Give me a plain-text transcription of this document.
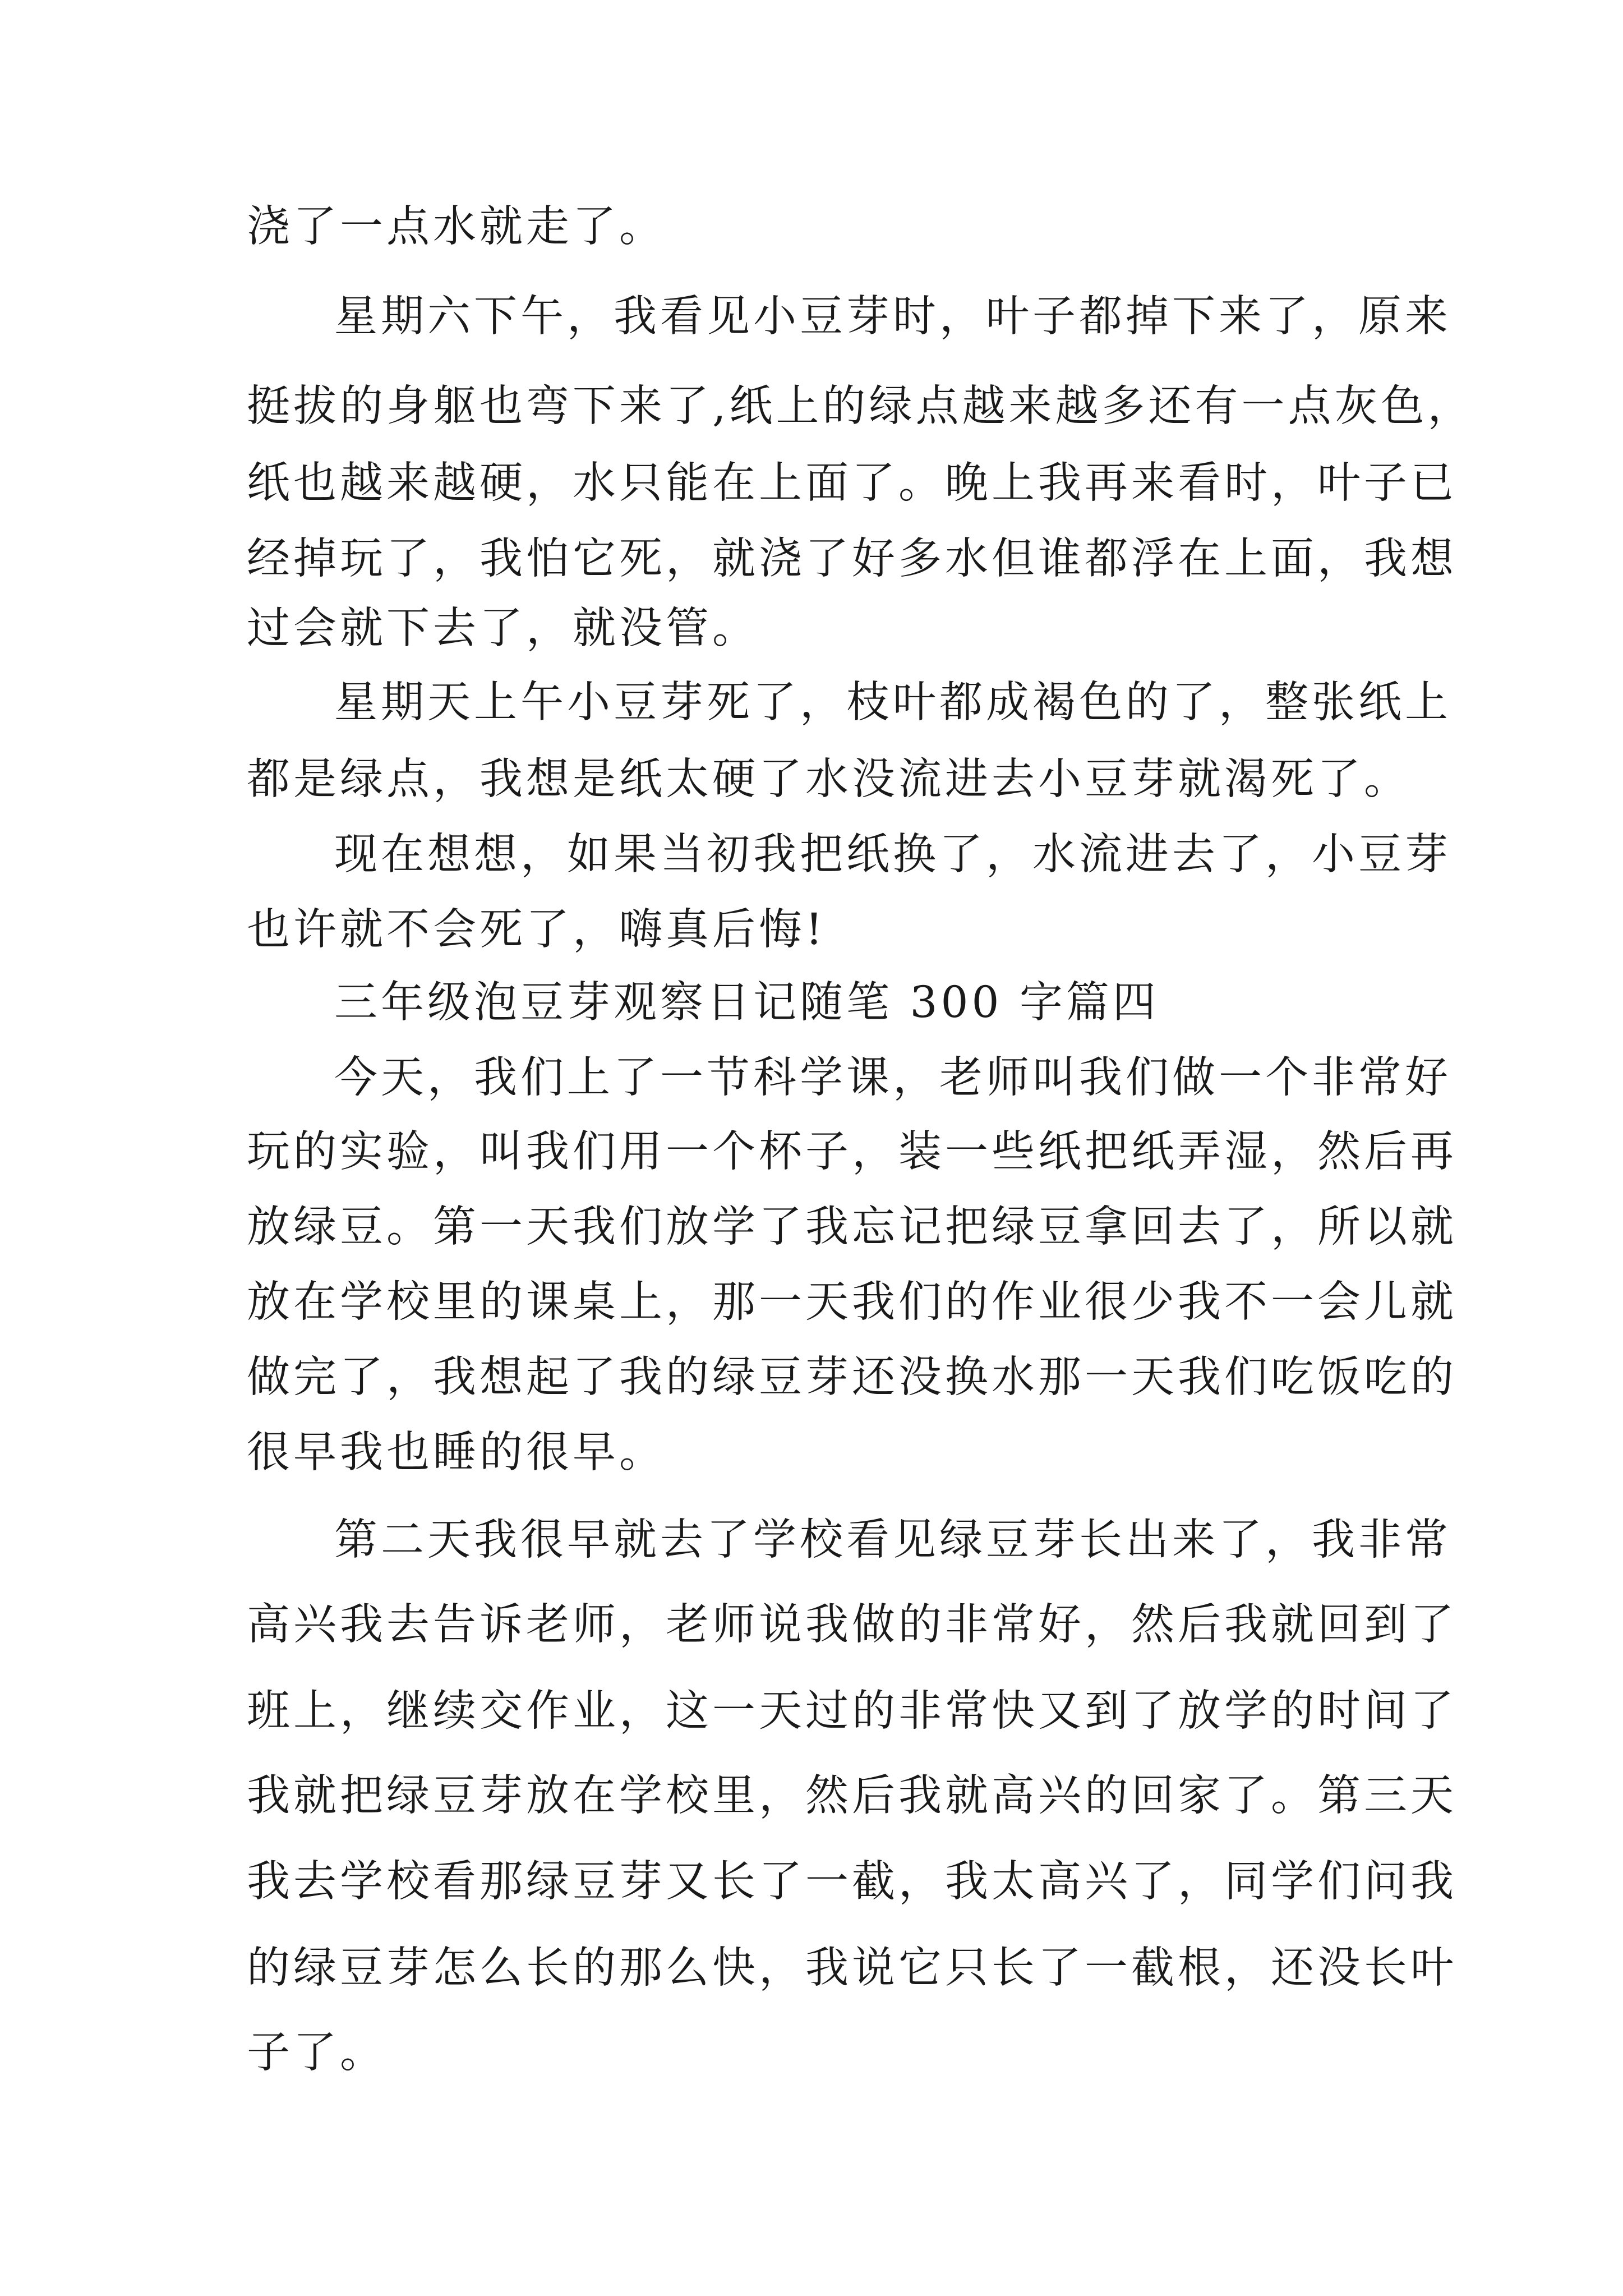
浇了一点水就走了。

星期六下午，我看见小豆芽时，叶子都掉下来了，原来

挺拔的身躯也弯下来了,纸上的绿点越来越多还有一点灰色，

纸也越来越硬，水只能在上面了。晚上我再来看时，叶子已

经掉玩了，我怕它死，就浇了好多水但谁都浮在上面，我想

过会就下去了，就没管。

星期天上午小豆芽死了，枝叶都成褐色的了，整张纸上

都是绿点，我想是纸太硬了水没流进去小豆芽就渴死了。

现在想想，如果当初我把纸换了，水流进去了，小豆芽

也许就不会死了，嗨真后悔!

三年级泡豆芽观察日记随笔 300 字篇四

今天，我们上了一节科学课，老师叫我们做一个非常好

玩的实验，叫我们用一个杯子，装一些纸把纸弄湿，然后再

放绿豆。第一天我们放学了我忘记把绿豆拿回去了，所以就

放在学校里的课桌上，那一天我们的作业很少我不一会儿就

做完了，我想起了我的绿豆芽还没换水那一天我们吃饭吃的

很早我也睡的很早。

第二天我很早就去了学校看见绿豆芽长出来了，我非常

高兴我去告诉老师，老师说我做的非常好，然后我就回到了

班上，继续交作业，这一天过的非常快又到了放学的时间了

我就把绿豆芽放在学校里，然后我就高兴的回家了。第三天

我去学校看那绿豆芽又长了一截，我太高兴了，同学们问我

的绿豆芽怎么长的那么快，我说它只长了一截根，还没长叶

子了。
